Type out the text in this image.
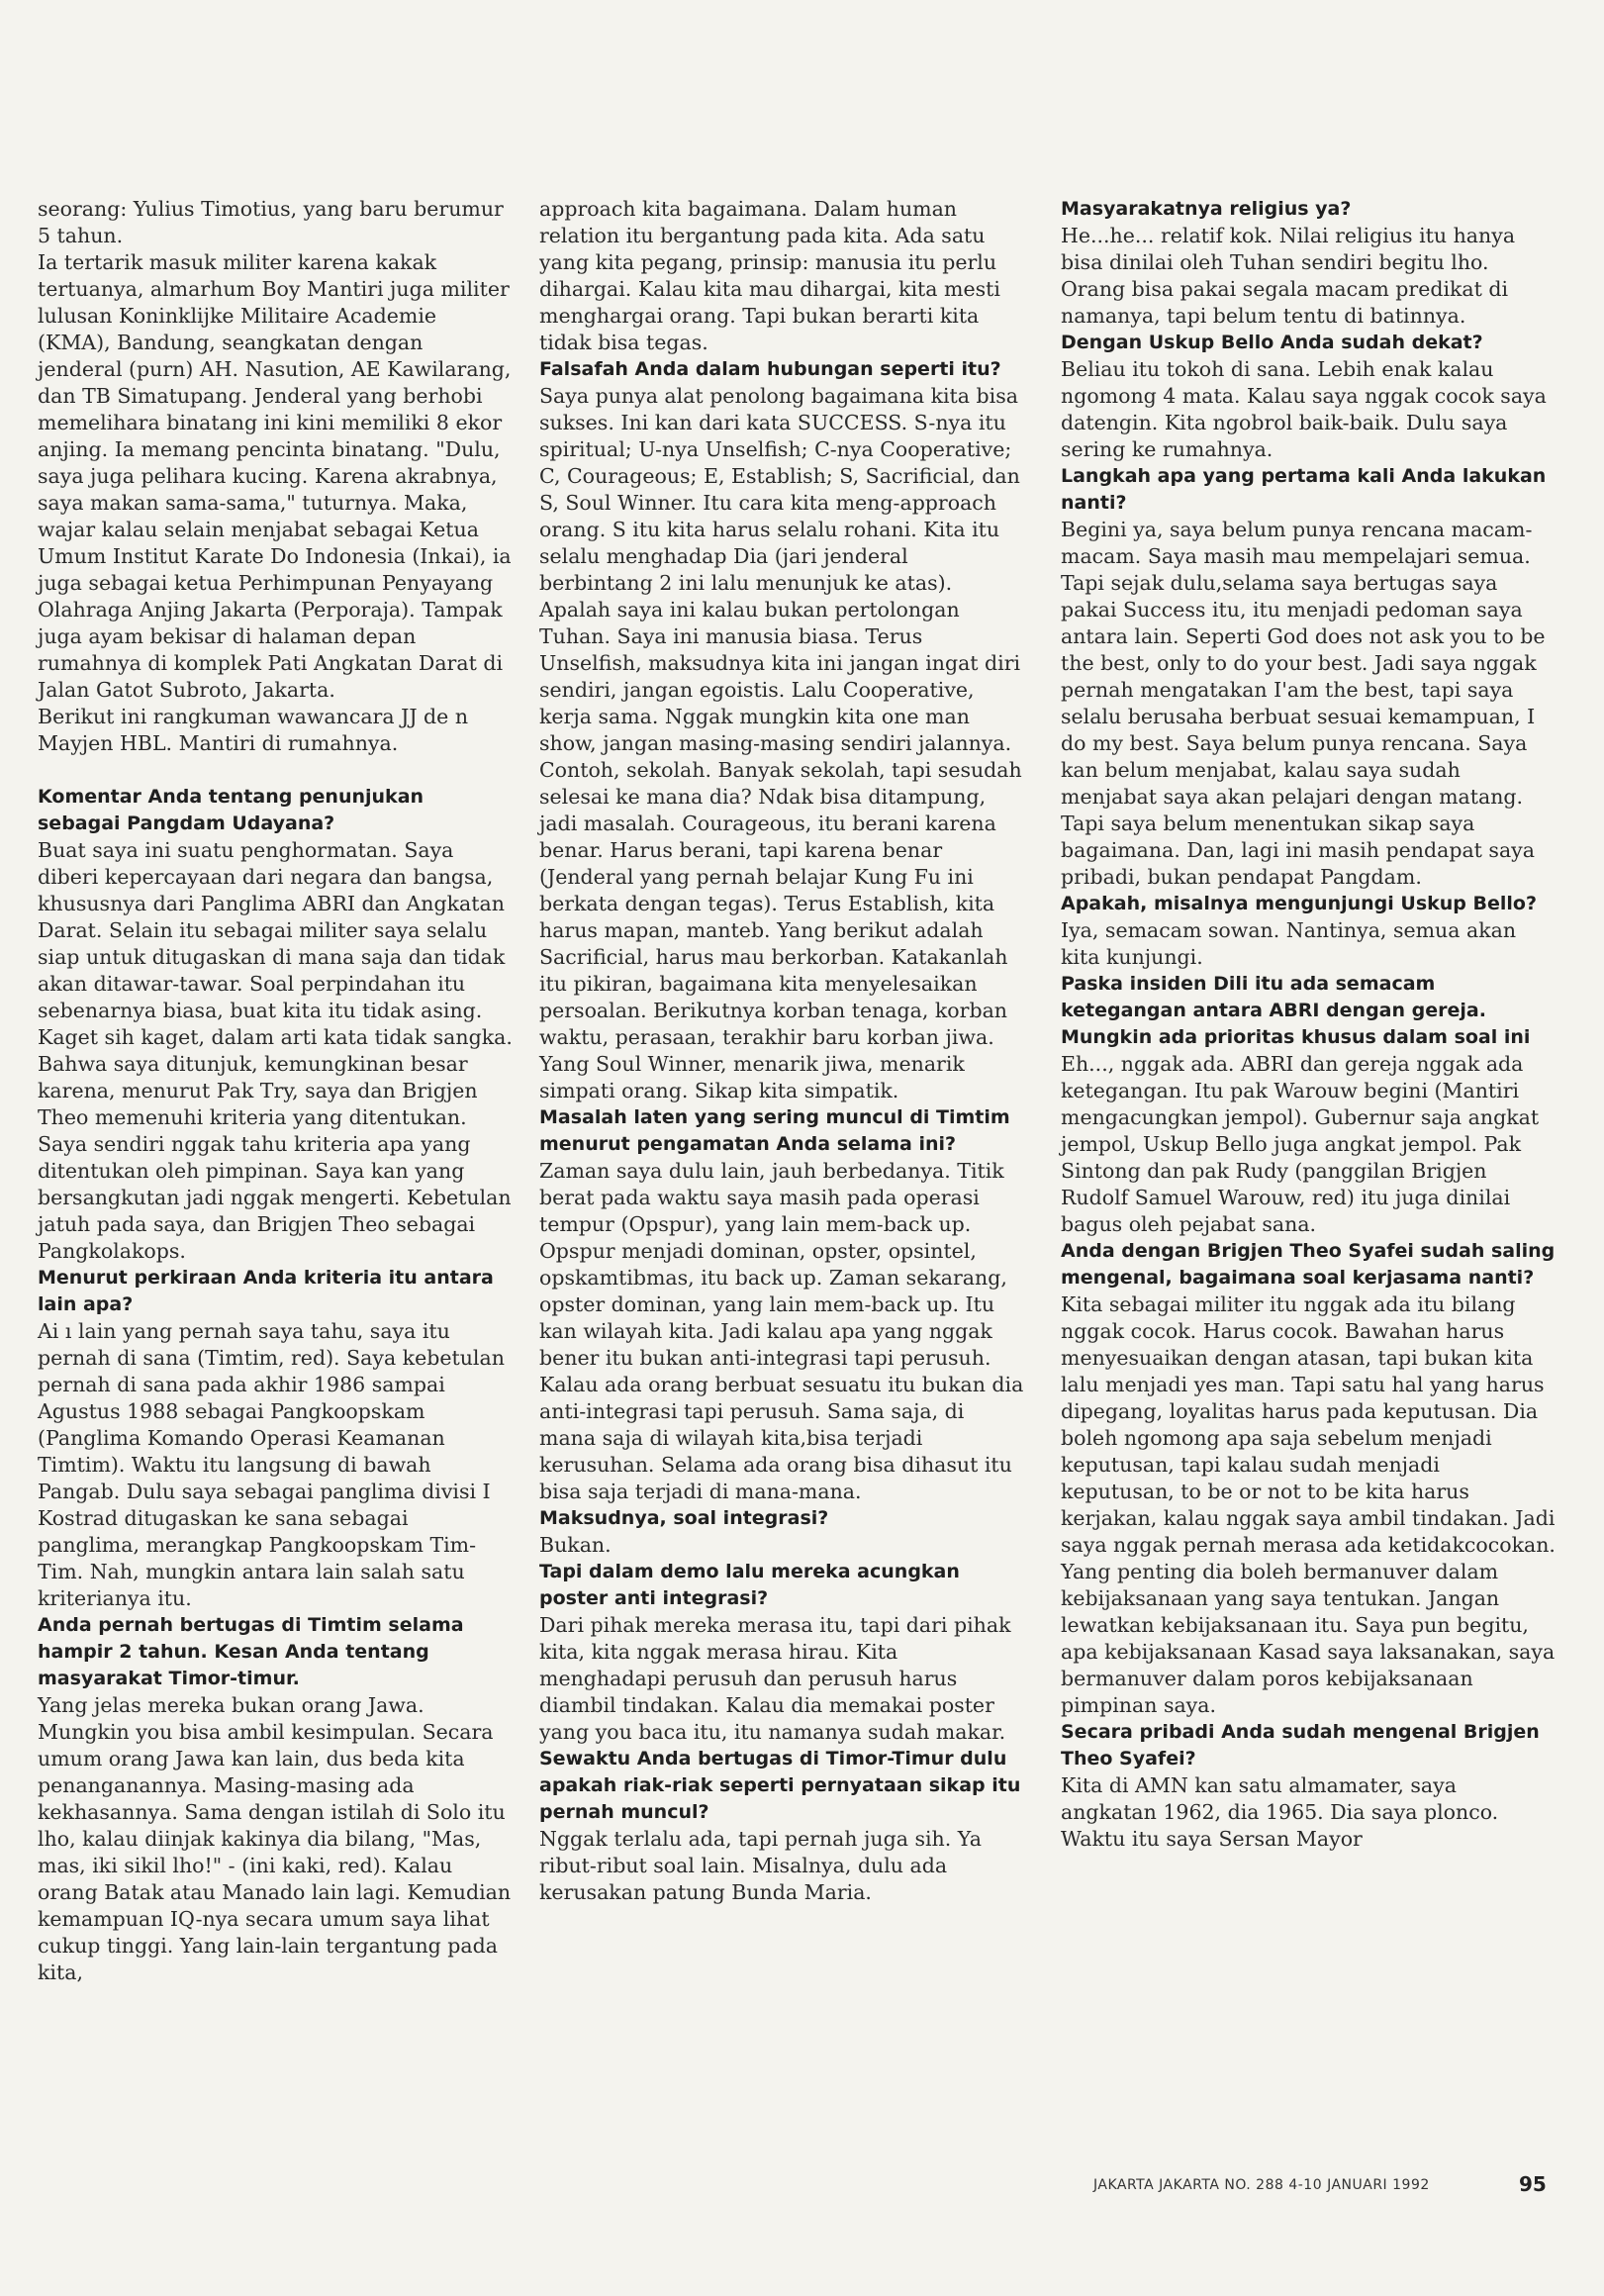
seorang: Yulius Timotius, yang baru berumur 5 tahun.

Ia tertarik masuk militer karena kakak tertuanya, almarhum Boy Mantiri juga militer lulusan Koninklijke Militaire Academie (KMA), Bandung, seangkatan dengan jenderal (purn) AH. Nasution, AE Kawilarang, dan TB Simatupang. Jenderal yang berhobi memelihara binatang ini kini memiliki 8 ekor anjing. Ia memang pencinta binatang. "Dulu, saya juga pelihara kucing. Karena akrabnya, saya makan sama-sama," tuturnya. Maka, wajar kalau selain menjabat sebagai Ketua Umum Institut Karate Do Indonesia (Inkai), ia juga sebagai ketua Perhimpunan Penyayang Olahraga Anjing Jakarta (Perporaja). Tampak juga ayam bekisar di halaman depan rumahnya di komplek Pati Angkatan Darat di Jalan Gatot Subroto, Jakarta.

Berikut ini rangkuman wawancara JJ de n Mayjen HBL. Mantiri di rumahnya.

Komentar Anda tentang penunjukan sebagai Pangdam Udayana?

Buat saya ini suatu penghormatan. Saya diberi kepercayaan dari negara dan bangsa, khususnya dari Panglima ABRI dan Angkatan Darat. Selain itu sebagai militer saya selalu siap untuk ditugaskan di mana saja dan tidak akan ditawar-tawar. Soal perpindahan itu sebenarnya biasa, buat kita itu tidak asing. Kaget sih kaget, dalam arti kata tidak sangka. Bahwa saya ditunjuk, kemungkinan besar karena, menurut Pak Try, saya dan Brigjen Theo memenuhi kriteria yang ditentukan. Saya sendiri nggak tahu kriteria apa yang ditentukan oleh pimpinan. Saya kan yang bersangkutan jadi nggak mengerti. Kebetulan jatuh pada saya, dan Brigjen Theo sebagai Pangkolakops.

Menurut perkiraan Anda kriteria itu antara lain apa?

Ai ı lain yang pernah saya tahu, saya itu pernah di sana (Timtim, red). Saya kebetulan pernah di sana pada akhir 1986 sampai Agustus 1988 sebagai Pangkoopskam (Panglima Komando Operasi Keamanan Timtim). Waktu itu langsung di bawah Pangab. Dulu saya sebagai panglima divisi I Kostrad ditugaskan ke sana sebagai panglima, merangkap Pangkoopskam Tim-Tim. Nah, mungkin antara lain salah satu kriterianya itu.

Anda pernah bertugas di Timtim selama hampir 2 tahun. Kesan Anda tentang masyarakat Timor-timur.

Yang jelas mereka bukan orang Jawa. Mungkin you bisa ambil kesimpulan. Secara umum orang Jawa kan lain, dus beda kita penanganannya. Masing-masing ada kekhasannya. Sama dengan istilah di Solo itu lho, kalau diinjak kakinya dia bilang, "Mas, mas, iki sikil lho!" - (ini kaki, red). Kalau orang Batak atau Manado lain lagi. Kemudian kemampuan IQ-nya secara umum saya lihat cukup tinggi. Yang lain-lain tergantung pada kita,

approach kita bagaimana. Dalam human relation itu bergantung pada kita. Ada satu yang kita pegang, prinsip: manusia itu perlu dihargai. Kalau kita mau dihargai, kita mesti menghargai orang. Tapi bukan berarti kita tidak bisa tegas.

Falsafah Anda dalam hubungan seperti itu?

Saya punya alat penolong bagaimana kita bisa sukses. Ini kan dari kata SUCCESS. S-nya itu spiritual; U-nya Unselfish; C-nya Cooperative; C, Courageous; E, Establish; S, Sacrificial, dan S, Soul Winner. Itu cara kita meng-approach orang. S itu kita harus selalu rohani. Kita itu selalu menghadap Dia (jari jenderal berbintang 2 ini lalu menunjuk ke atas). Apalah saya ini kalau bukan pertolongan Tuhan. Saya ini manusia biasa. Terus Unselfish, maksudnya kita ini jangan ingat diri sendiri, jangan egoistis. Lalu Cooperative, kerja sama. Nggak mungkin kita one man show, jangan masing-masing sendiri jalannya. Contoh, sekolah. Banyak sekolah, tapi sesudah selesai ke mana dia? Ndak bisa ditampung, jadi masalah. Courageous, itu berani karena benar. Harus berani, tapi karena benar (Jenderal yang pernah belajar Kung Fu ini berkata dengan tegas). Terus Establish, kita harus mapan, manteb. Yang berikut adalah Sacrificial, harus mau berkorban. Katakanlah itu pikiran, bagaimana kita menyelesaikan persoalan. Berikutnya korban tenaga, korban waktu, perasaan, terakhir baru korban jiwa. Yang Soul Winner, menarik jiwa, menarik simpati orang. Sikap kita simpatik.

Masalah laten yang sering muncul di Timtim menurut pengamatan Anda selama ini?

Zaman saya dulu lain, jauh berbedanya. Titik berat pada waktu saya masih pada operasi tempur (Opspur), yang lain mem-back up. Opspur menjadi dominan, opster, opsintel, opskamtibmas, itu back up. Zaman sekarang, opster dominan, yang lain mem-back up. Itu kan wilayah kita. Jadi kalau apa yang nggak bener itu bukan anti-integrasi tapi perusuh. Kalau ada orang berbuat sesuatu itu bukan dia anti-integrasi tapi perusuh. Sama saja, di mana saja di wilayah kita,bisa terjadi kerusuhan. Selama ada orang bisa dihasut itu bisa saja terjadi di mana-mana.

Maksudnya, soal integrasi?

Bukan.

Tapi dalam demo lalu mereka acungkan poster anti integrasi?

Dari pihak mereka merasa itu, tapi dari pihak kita, kita nggak merasa hirau. Kita menghadapi perusuh dan perusuh harus diambil tindakan. Kalau dia memakai poster yang you baca itu, itu namanya sudah makar.

Sewaktu Anda bertugas di Timor-Timur dulu apakah riak-riak seperti pernyataan sikap itu pernah muncul?

Nggak terlalu ada, tapi pernah juga sih. Ya ribut-ribut soal lain. Misalnya, dulu ada kerusakan patung Bunda Maria.

Masyarakatnya religius ya?

He...he... relatif kok. Nilai religius itu hanya bisa dinilai oleh Tuhan sendiri begitu lho. Orang bisa pakai segala macam predikat di namanya, tapi belum tentu di batinnya.

Dengan Uskup Bello Anda sudah dekat?

Beliau itu tokoh di sana. Lebih enak kalau ngomong 4 mata. Kalau saya nggak cocok saya datengin. Kita ngobrol baik-baik. Dulu saya sering ke rumahnya.

Langkah apa yang pertama kali Anda lakukan nanti?

Begini ya, saya belum punya rencana macam-macam. Saya masih mau mempelajari semua. Tapi sejak dulu,selama saya bertugas saya pakai Success itu, itu menjadi pedoman saya antara lain. Seperti God does not ask you to be the best, only to do your best. Jadi saya nggak pernah mengatakan I'am the best, tapi saya selalu berusaha berbuat sesuai kemampuan, I do my best. Saya belum punya rencana. Saya kan belum menjabat, kalau saya sudah menjabat saya akan pelajari dengan matang. Tapi saya belum menentukan sikap saya bagaimana. Dan, lagi ini masih pendapat saya pribadi, bukan pendapat Pangdam.

Apakah, misalnya mengunjungi Uskup Bello?

Iya, semacam sowan. Nantinya, semua akan kita kunjungi.

Paska insiden Dili itu ada semacam ketegangan antara ABRI dengan gereja. Mungkin ada prioritas khusus dalam soal ini

Eh..., nggak ada. ABRI dan gereja nggak ada ketegangan. Itu pak Warouw begini (Mantiri mengacungkan jempol). Gubernur saja angkat jempol, Uskup Bello juga angkat jempol. Pak Sintong dan pak Rudy (panggilan Brigjen Rudolf Samuel Warouw, red) itu juga dinilai bagus oleh pejabat sana.

Anda dengan Brigjen Theo Syafei sudah saling mengenal, bagaimana soal kerjasama nanti?

Kita sebagai militer itu nggak ada itu bilang nggak cocok. Harus cocok. Bawahan harus menyesuaikan dengan atasan, tapi bukan kita lalu menjadi yes man. Tapi satu hal yang harus dipegang, loyalitas harus pada keputusan. Dia boleh ngomong apa saja sebelum menjadi keputusan, tapi kalau sudah menjadi keputusan, to be or not to be kita harus kerjakan, kalau nggak saya ambil tindakan. Jadi saya nggak pernah merasa ada ketidakcocokan. Yang penting dia boleh bermanuver dalam kebijaksanaan yang saya tentukan. Jangan lewatkan kebijaksanaan itu. Saya pun begitu, apa kebijaksanaan Kasad saya laksanakan, saya bermanuver dalam poros kebijaksanaan pimpinan saya.

Secara pribadi Anda sudah mengenal Brigjen Theo Syafei?

Kita di AMN kan satu almamater, saya angkatan 1962, dia 1965. Dia saya plonco. Waktu itu saya Sersan Mayor

JAKARTA JAKARTA NO. 288 4-10 JANUARI 1992	95
